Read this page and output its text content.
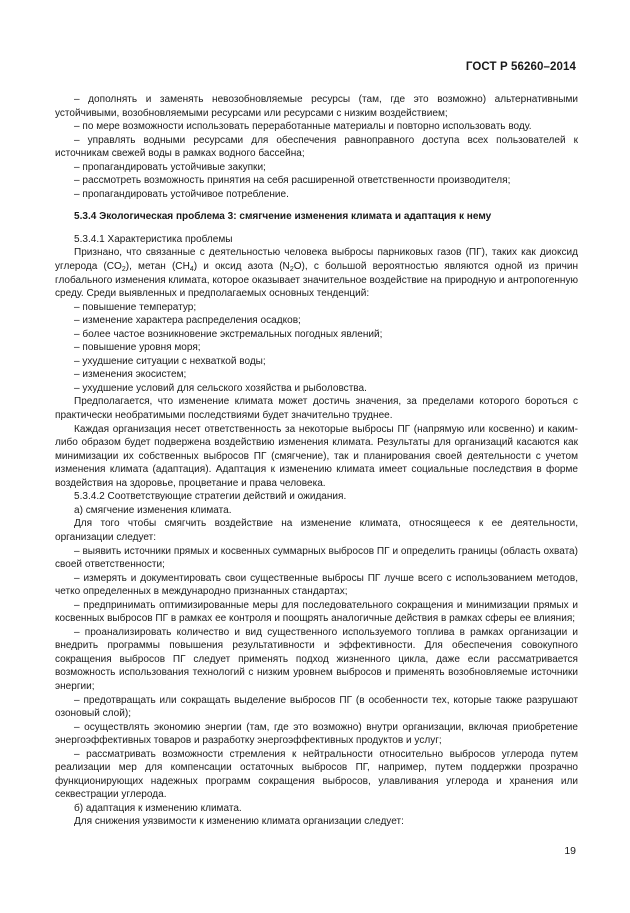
ГОСТ Р 56260–2014

– дополнять и заменять невозобновляемые ресурсы (там, где это возможно) альтернативными устойчивыми, возобновляемыми ресурсами или ресурсами с низким воздействием;

– по мере возможности использовать переработанные материалы и повторно использовать воду.

– управлять водными ресурсами для обеспечения равноправного доступа всех пользователей к источникам свежей воды в рамках водного бассейна;

– пропагандировать устойчивые закупки;

– рассмотреть возможность принятия на себя расширенной ответственности производителя;

– пропагандировать устойчивое потребление.

5.3.4 Экологическая проблема 3: смягчение изменения климата и адаптация к нему

5.3.4.1 Характеристика проблемы

Признано, что связанные с деятельностью человека выбросы парниковых газов (ПГ), таких как диоксид углерода $(CO_2)$, метан $(CH_4)$ и оксид азота $(N_2O)$, с большой вероятностью являются одной из причин глобального изменения климата, которое оказывает значительное воздействие на природную и антропогенную среду. Среди выявленных и предполагаемых основных тенденций:

– повышение температур;

– изменение характера распределения осадков;

– более частое возникновение экстремальных погодных явлений;

– повышение уровня моря;

– ухудшение ситуации с нехваткой воды;

– изменения экосистем;

– ухудшение условий для сельского хозяйства и рыболовства.

Предполагается, что изменение климата может достичь значения, за пределами которого бороться с практически необратимыми последствиями будет значительно труднее.

Каждая организация несет ответственность за некоторые выбросы ПГ (напрямую или косвенно) и каким-либо образом будет подвержена воздействию изменения климата. Результаты для организаций касаются как минимизации их собственных выбросов ПГ (смягчение), так и планирования своей деятельности с учетом изменения климата (адаптация). Адаптация к изменению климата имеет социальные последствия в форме воздействия на здоровье, процветание и права человека.

5.3.4.2 Соответствующие стратегии действий и ожидания.

а) смягчение изменения климата.

Для того чтобы смягчить воздействие на изменение климата, относящееся к ее деятельности, организации следует:

– выявить источники прямых и косвенных суммарных выбросов ПГ и определить границы (область охвата) своей ответственности;

– измерять и документировать свои существенные выбросы ПГ лучше всего с использованием методов, четко определенных в международно признанных стандартах;

– предпринимать оптимизированные меры для последовательного сокращения и минимизации прямых и косвенных выбросов ПГ в рамках ее контроля и поощрять аналогичные действия в рамках сферы ее влияния;

– проанализировать количество и вид существенного используемого топлива в рамках организации и внедрить программы повышения результативности и эффективности. Для обеспечения совокупного сокращения выбросов ПГ следует применять подход жизненного цикла, даже если рассматривается возможность использования технологий с низким уровнем выбросов и применять возобновляемые источники энергии;

– предотвращать или сокращать выделение выбросов ПГ (в особенности тех, которые также разрушают озоновый слой);

– осуществлять экономию энергии (там, где это возможно) внутри организации, включая приобретение энергоэффективных товаров и разработку энергоэффективных продуктов и услуг;

– рассматривать возможности стремления к нейтральности относительно выбросов углерода путем реализации мер для компенсации остаточных выбросов ПГ, например, путем поддержки прозрачно функционирующих надежных программ сокращения выбросов, улавливания углерода и хранения или секвестрации углерода.

б) адаптация к изменению климата.

Для снижения уязвимости к изменению климата организации следует:

19
